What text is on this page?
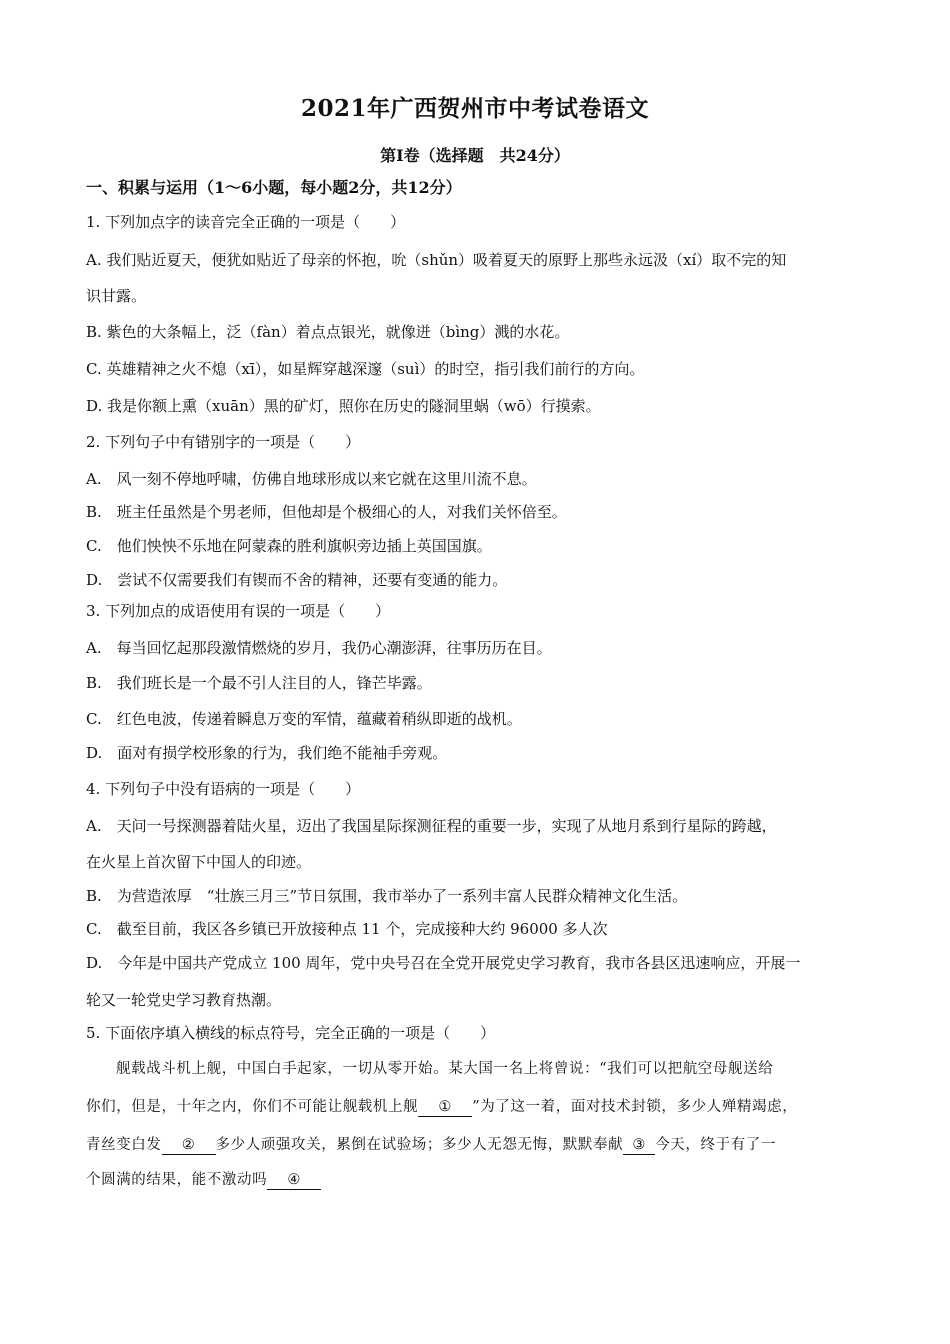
2021年广西贺州市中考试卷语文
第Ⅰ卷（选择题　共24分）
一、积累与运用（1～6小题，每小题2分，共12分）
1. 下列加点字的读音完全正确的一项是（　　）
A. 我们贴近夏天，便犹如贴近了母亲的怀抱，吮（shǔn）吸着夏天的原野上那些永远汲（xí）取不完的知
识甘露。
B. 紫色的大条幅上，泛（fàn）着点点银光，就像迸（bìng）溅的水花。
C. 英雄精神之火不熄（xī），如星辉穿越深邃（suì）的时空，指引我们前行的方向。
D. 我是你额上熏（xuān）黑的矿灯，照你在历史的隧洞里蜗（wō）行摸索。
2. 下列句子中有错别字的一项是（　　）
A.　风一刻不停地呼啸，仿佛自地球形成以来它就在这里川流不息。
B.　班主任虽然是个男老师，但他却是个极细心的人，对我们关怀倍至。
C.　他们怏怏不乐地在阿蒙森的胜利旗帜旁边插上英国国旗。
D.　尝试不仅需要我们有锲而不舍的精神，还要有变通的能力。
3. 下列加点的成语使用有误的一项是（　　）
A.　每当回忆起那段激情燃烧的岁月，我仍心潮澎湃，往事历历在目。
B.　我们班长是一个最不引人注目的人，锋芒毕露。
C.　红色电波，传递着瞬息万变的军情，蕴藏着稍纵即逝的战机。
D.　面对有损学校形象的行为，我们绝不能袖手旁观。
4. 下列句子中没有语病的一项是（　　）
A.　天问一号探测器着陆火星，迈出了我国星际探测征程的重要一步，实现了从地月系到行星际的跨越，
在火星上首次留下中国人的印迹。
B.　为营造浓厚　“壮族三月三”节日氛围，我市举办了一系列丰富人民群众精神文化生活。
C.　截至目前，我区各乡镇已开放接种点 11 个，完成接种大约 96000 多人次
D.　今年是中国共产党成立 100 周年，党中央号召在全党开展党史学习教育，我市各县区迅速响应，开展一
轮又一轮党史学习教育热潮。
5. 下面依序填入横线的标点符号，完全正确的一项是（　　）
舰载战斗机上舰，中国白手起家，一切从零开始。某大国一名上将曾说：“我们可以把航空母舰送给
你们，但是，十年之内，你们不可能让舰载机上舰 ① ”为了这一着，面对技术封锁，多少人殚精竭虑，
青丝变白发 ② 多少人顽强攻关，累倒在试验场；多少人无怨无悔，默默奉献 ③ 今天，终于有了一
个圆满的结果，能不激动吗 ④
